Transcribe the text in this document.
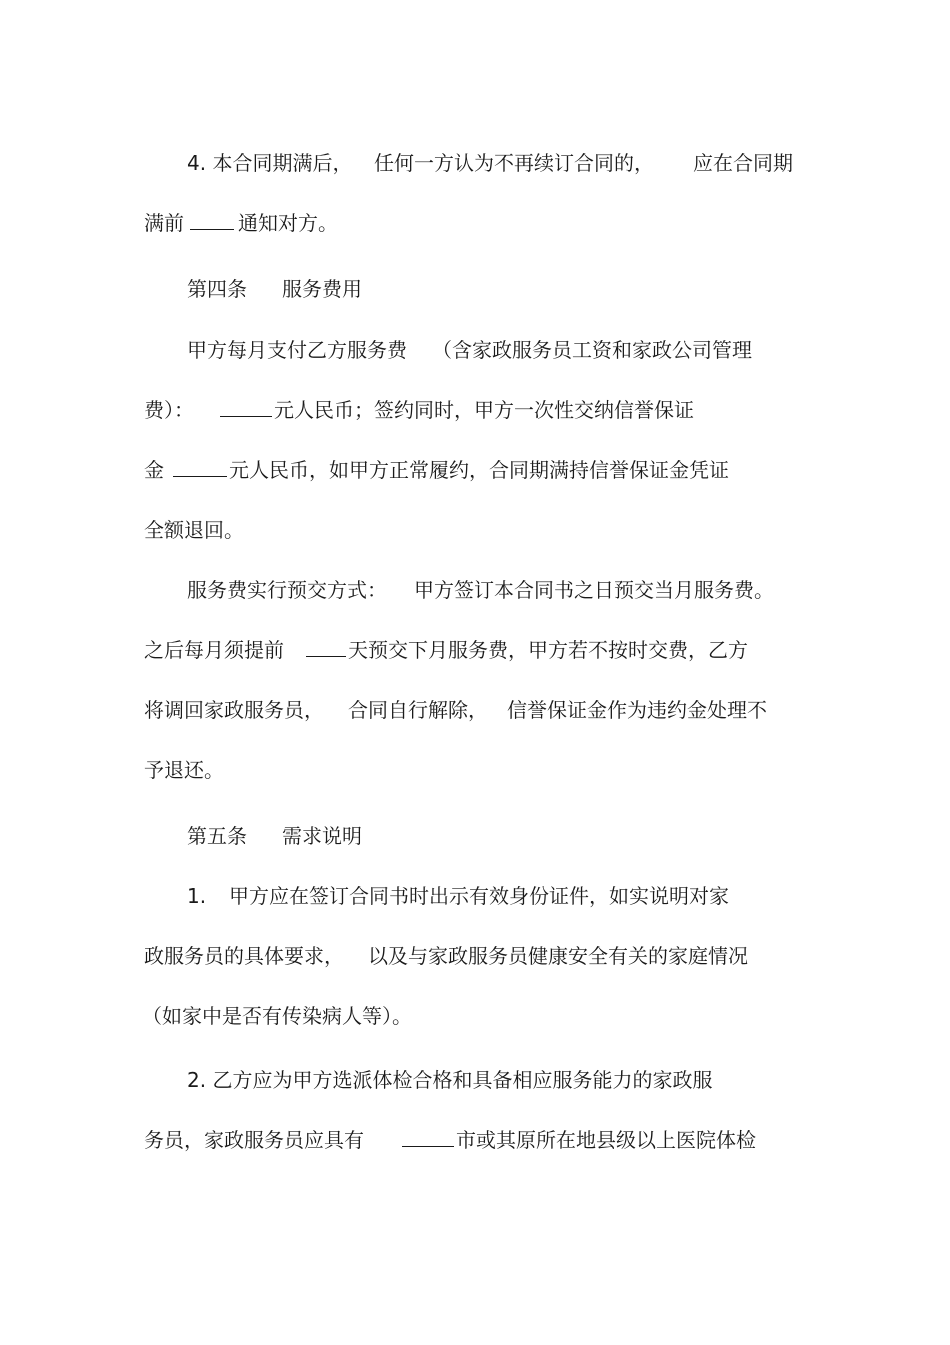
4. 本合同期满后， 任何一方认为不再续订合同的， 应在合同期
满前	通知对方。
第四条 服务费用
甲方每月支付乙方服务费 （含家政服务员工资和家政公司管理
费）：	元人民币；签约同时，甲方一次性交纳信誉保证
金	元人民币，如甲方正常履约，合同期满持信誉保证金凭证
全额退回。
服务费实行预交方式： 甲方签订本合同书之日预交当月服务费。
之后每月须提前	天预交下月服务费，甲方若不按时交费，乙方
将调回家政服务员， 合同自行解除， 信誉保证金作为违约金处理不
予退还。
第五条 需求说明
1. 甲方应在签订合同书时出示有效身份证件，如实说明对家
政服务员的具体要求， 以及与家政服务员健康安全有关的家庭情况
（如家中是否有传染病人等）。
2. 乙方应为甲方选派体检合格和具备相应服务能力的家政服
务员，家政服务员应具有	市或其原所在地县级以上医院体检
